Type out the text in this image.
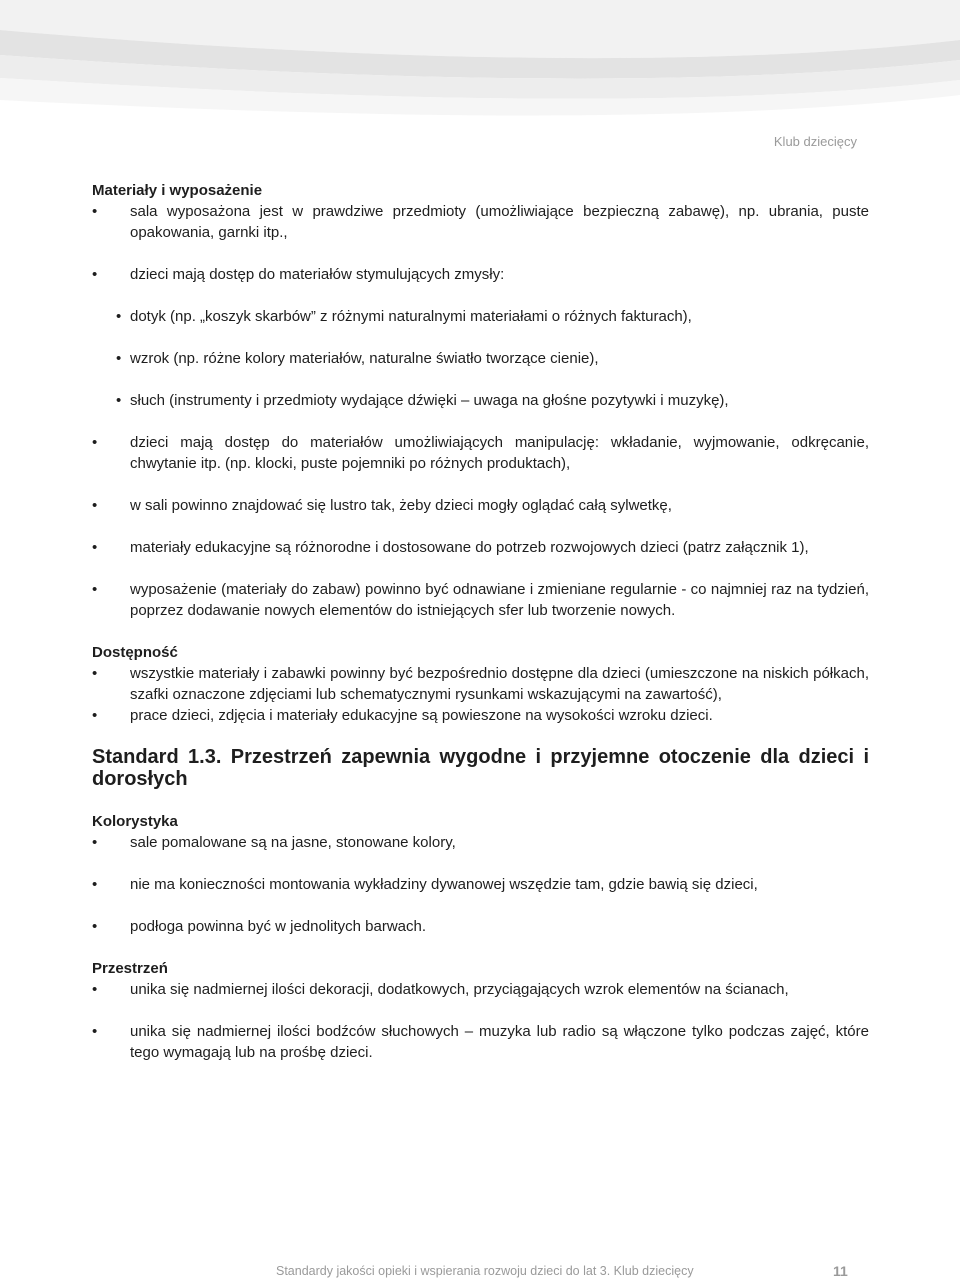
Klub dziecięcy
Materiały i wyposażenie
• sala wyposażona jest w prawdziwe przedmioty (umożliwiające bezpieczną zabawę), np. ubrania, puste opakowania, garnki itp.,
• dzieci mają dostęp do materiałów stymulujących zmysły:
• dotyk (np. „koszyk skarbów” z różnymi naturalnymi materiałami o różnych fakturach),
• wzrok (np. różne kolory materiałów, naturalne światło tworzące cienie),
• słuch (instrumenty i przedmioty wydające dźwięki – uwaga na głośne pozytywki i muzykę),
• dzieci mają dostęp do materiałów umożliwiających manipulację: wkładanie, wyjmowanie, odkręcanie, chwytanie itp. (np. klocki, puste pojemniki po różnych produktach),
• w sali powinno znajdować się lustro tak, żeby dzieci mogły oglądać całą sylwetkę,
• materiały edukacyjne są różnorodne i dostosowane do potrzeb rozwojowych dzieci (patrz załącznik 1),
• wyposażenie (materiały do zabaw) powinno być odnawiane i zmieniane regularnie - co najmniej raz na tydzień, poprzez dodawanie nowych elementów do istniejących sfer lub tworzenie nowych.
Dostępność
• wszystkie materiały i zabawki powinny być bezpośrednio dostępne dla dzieci (umieszczone na niskich półkach, szafki oznaczone zdjęciami lub schematycznymi rysunkami wskazującymi na zawartość),
• prace dzieci, zdjęcia i materiały edukacyjne są powieszone na wysokości wzroku dzieci.
Standard 1.3. Przestrzeń zapewnia wygodne i przyjemne otoczenie dla dzieci i dorosłych
Kolorystyka
• sale pomalowane są na jasne, stonowane kolory,
• nie ma konieczności montowania wykładziny dywanowej wszędzie tam, gdzie bawią się dzieci,
• podłoga powinna być w jednolitych barwach.
Przestrzeń
• unika się nadmiernej ilości dekoracji, dodatkowych, przyciągających wzrok elementów na ścianach,
• unika się nadmiernej ilości bodźców słuchowych – muzyka lub radio są włączone tylko podczas zajęć, które tego wymagają lub na prośbę dzieci.
Standardy jakości opieki i wspierania rozwoju dzieci do lat 3. Klub dziecięcy	11
